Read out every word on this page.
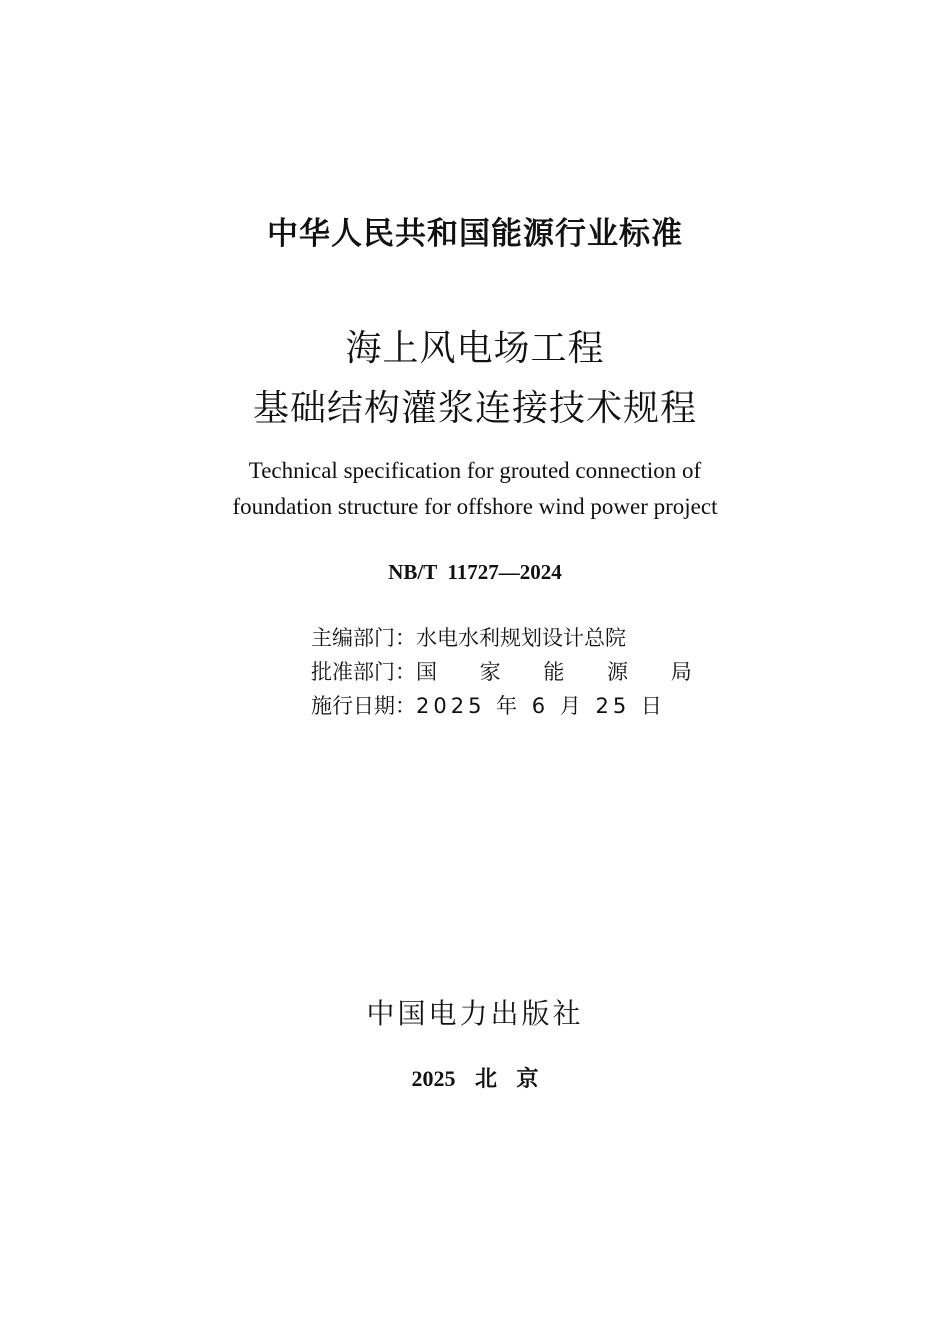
中华人民共和国能源行业标准
海上风电场工程
基础结构灌浆连接技术规程
Technical specification for grouted connection of
foundation structure for offshore wind power project
NB/T  11727—2024
主编部门：水电水利规划设计总院
批准部门：国 家 能 源 局
施行日期：2025 年 6 月 25 日
中国电力出版社
2025 北 京
